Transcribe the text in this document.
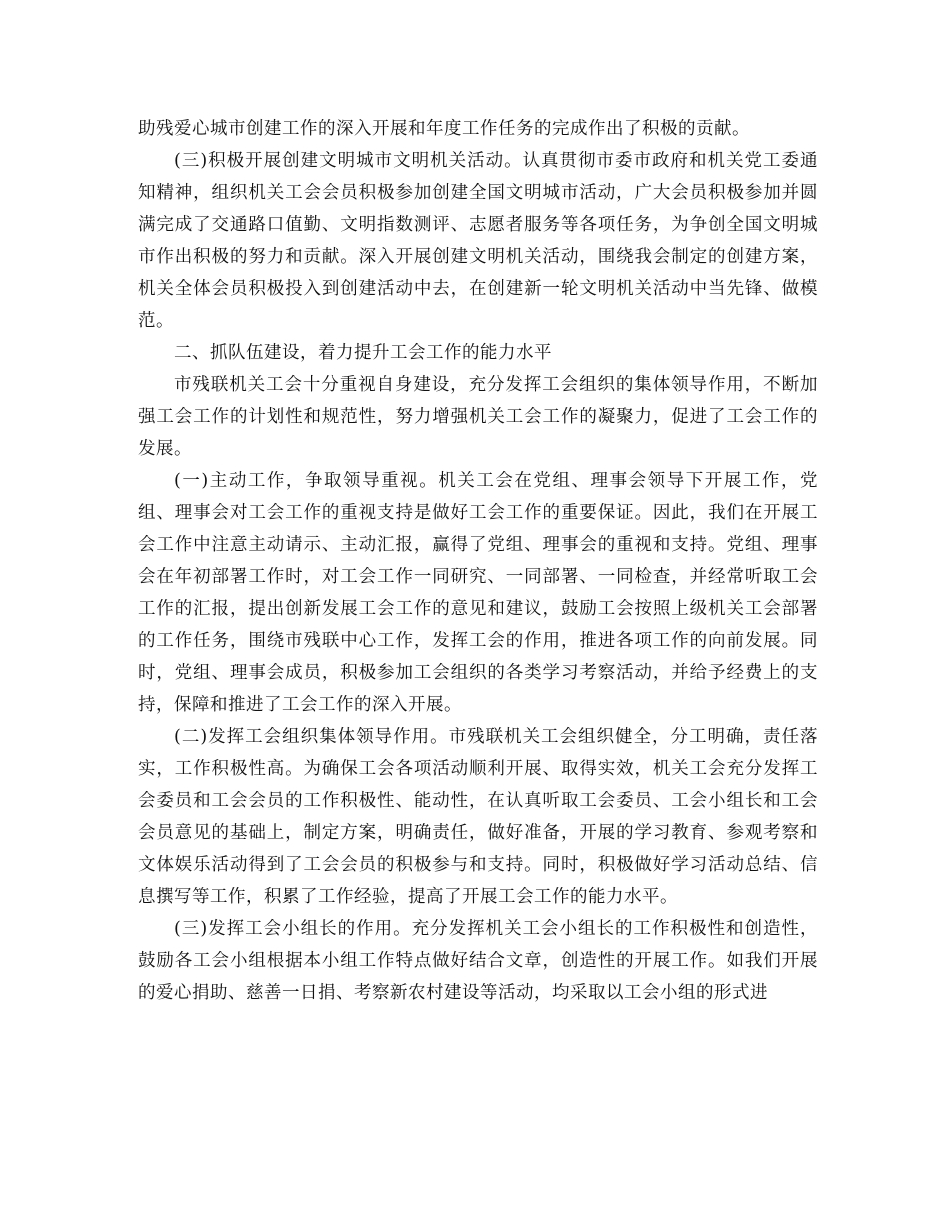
助残爱心城市创建工作的深入开展和年度工作任务的完成作出了积极的贡献。

(三)积极开展创建文明城市文明机关活动。认真贯彻市委市政府和机关党工委通知精神，组织机关工会会员积极参加创建全国文明城市活动，广大会员积极参加并圆满完成了交通路口值勤、文明指数测评、志愿者服务等各项任务，为争创全国文明城市作出积极的努力和贡献。深入开展创建文明机关活动，围绕我会制定的创建方案，机关全体会员积极投入到创建活动中去，在创建新一轮文明机关活动中当先锋、做模范。

二、抓队伍建设，着力提升工会工作的能力水平

市残联机关工会十分重视自身建设，充分发挥工会组织的集体领导作用，不断加强工会工作的计划性和规范性，努力增强机关工会工作的凝聚力，促进了工会工作的发展。

(一)主动工作，争取领导重视。机关工会在党组、理事会领导下开展工作，党组、理事会对工会工作的重视支持是做好工会工作的重要保证。因此，我们在开展工会工作中注意主动请示、主动汇报，赢得了党组、理事会的重视和支持。党组、理事会在年初部署工作时，对工会工作一同研究、一同部署、一同检查，并经常听取工会工作的汇报，提出创新发展工会工作的意见和建议，鼓励工会按照上级机关工会部署的工作任务，围绕市残联中心工作，发挥工会的作用，推进各项工作的向前发展。同时，党组、理事会成员，积极参加工会组织的各类学习考察活动，并给予经费上的支持，保障和推进了工会工作的深入开展。

(二)发挥工会组织集体领导作用。市残联机关工会组织健全，分工明确，责任落实，工作积极性高。为确保工会各项活动顺利开展、取得实效，机关工会充分发挥工会委员和工会会员的工作积极性、能动性，在认真听取工会委员、工会小组长和工会会员意见的基础上，制定方案，明确责任，做好准备，开展的学习教育、参观考察和文体娱乐活动得到了工会会员的积极参与和支持。同时，积极做好学习活动总结、信息撰写等工作，积累了工作经验，提高了开展工会工作的能力水平。

(三)发挥工会小组长的作用。充分发挥机关工会小组长的工作积极性和创造性，鼓励各工会小组根据本小组工作特点做好结合文章，创造性的开展工作。如我们开展的爱心捐助、慈善一日捐、考察新农村建设等活动，均采取以工会小组的形式进
